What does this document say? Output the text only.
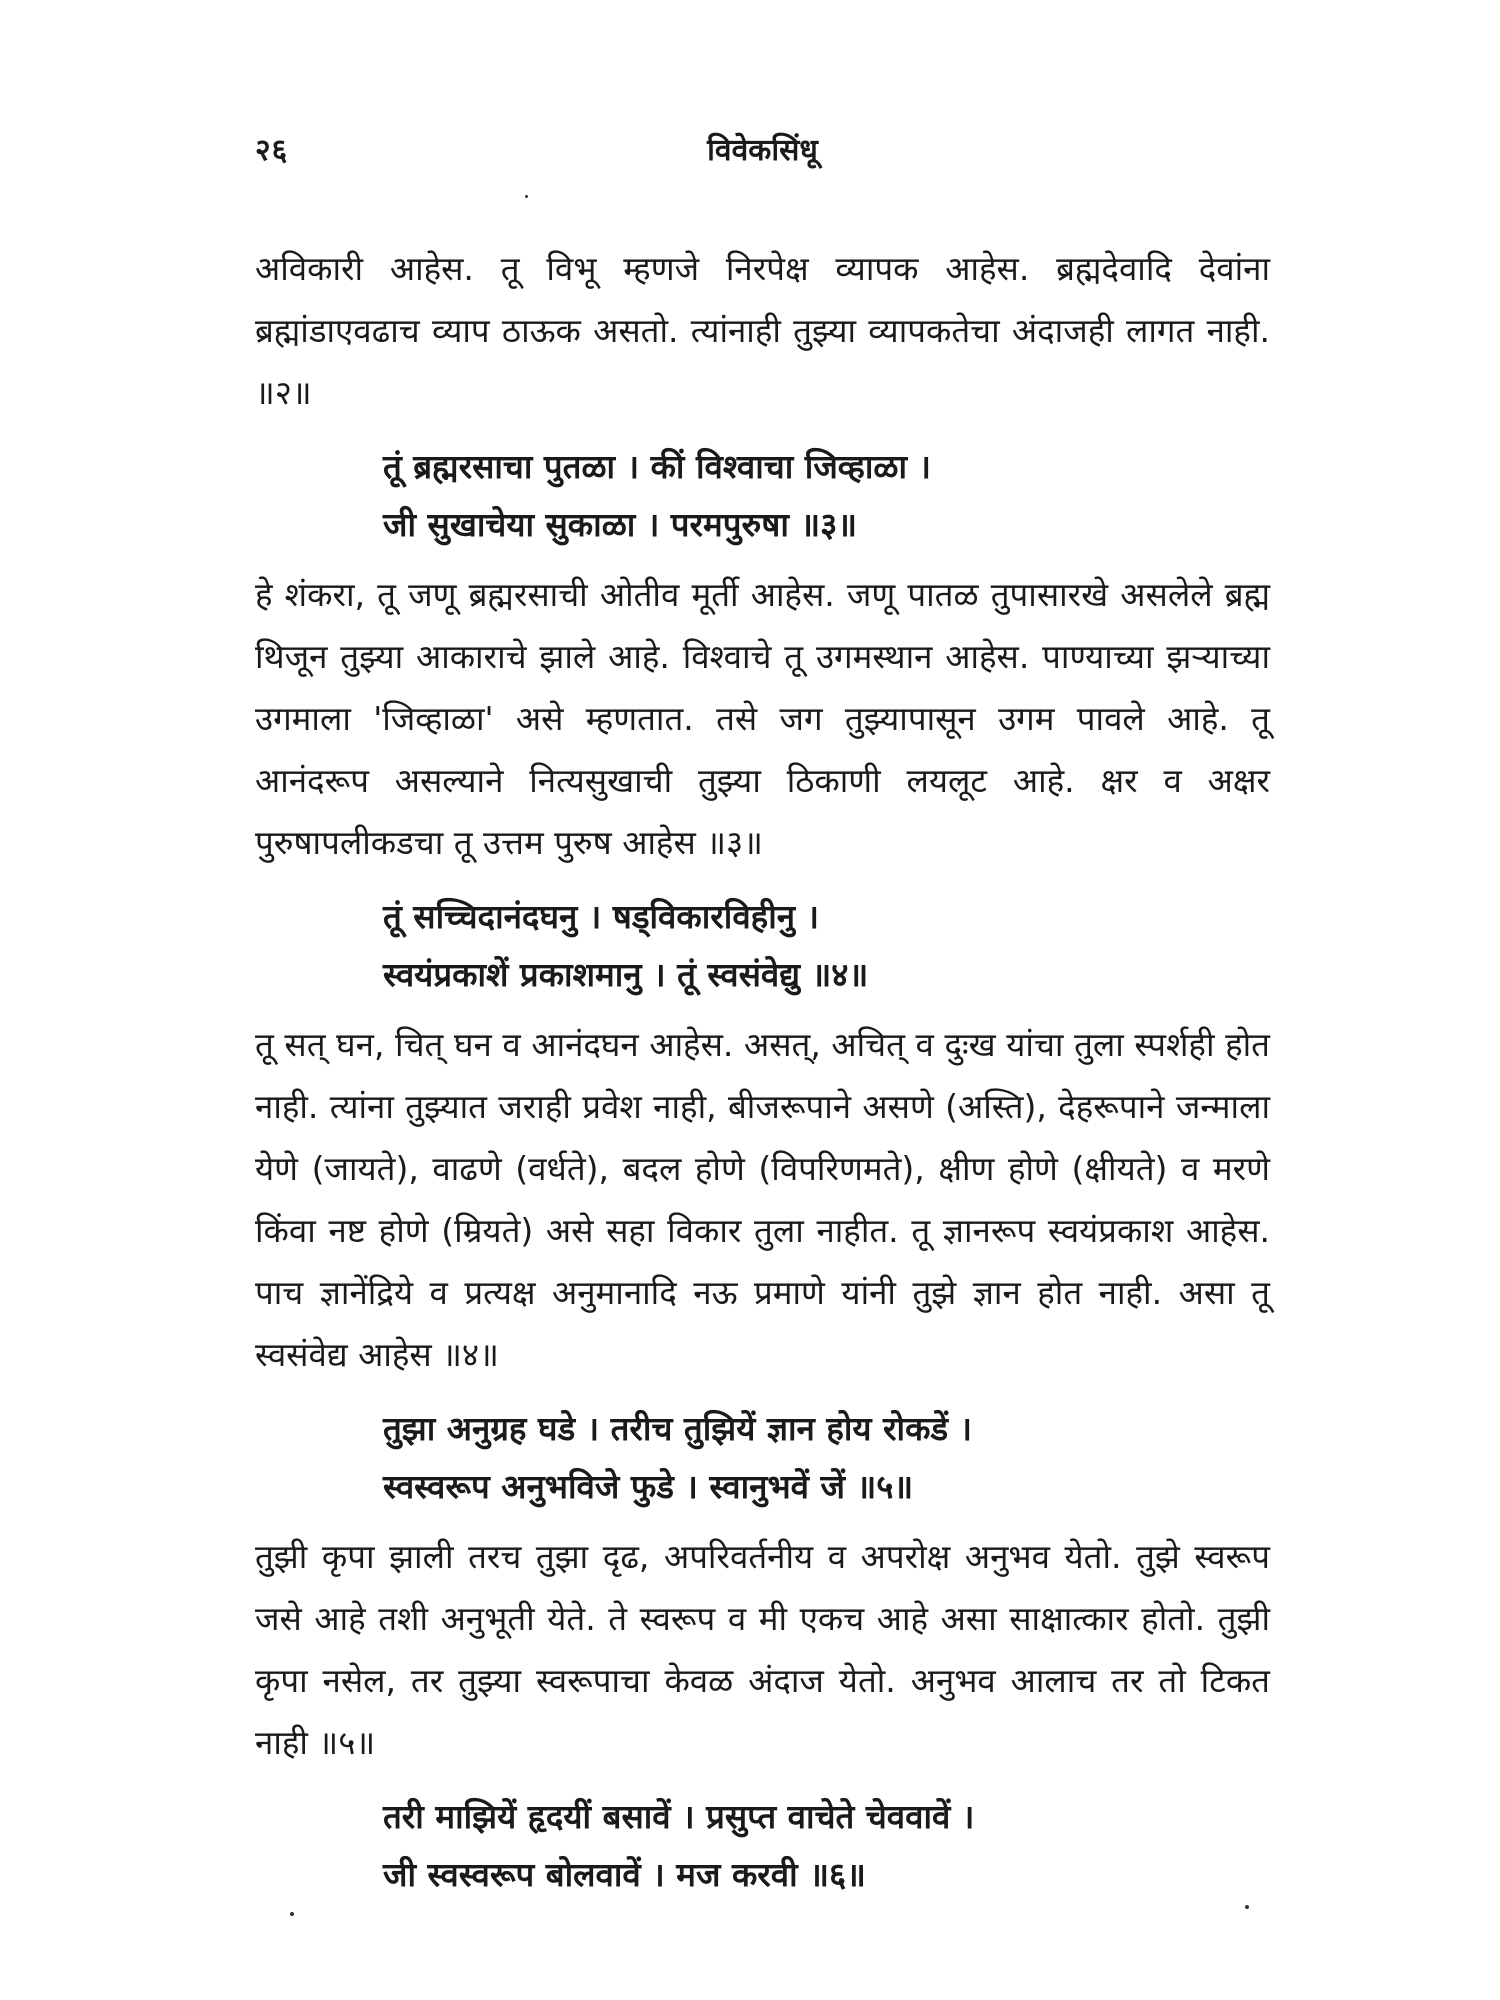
२६	विवेकसिंधू

अविकारी आहेस. तू विभू म्हणजे निरपेक्ष व्यापक आहेस. ब्रह्मदेवादि देवांना ब्रह्मांडाएवढाच व्याप ठाऊक असतो. त्यांनाही तुझ्या व्यापकतेचा अंदाजही लागत नाही. ॥२॥

तूं ब्रह्मरसाचा पुतळा । कीं विश्वाचा जिव्हाळा ।

जी सुखाचेया सुकाळा । परमपुरुषा ॥३॥

हे शंकरा, तू जणू ब्रह्मरसाची ओतीव मूर्ती आहेस. जणू पातळ तुपासारखे असलेले ब्रह्म थिजून तुझ्या आकाराचे झाले आहे. विश्वाचे तू उगमस्थान आहेस. पाण्याच्या झऱ्याच्या उगमाला 'जिव्हाळा' असे म्हणतात. तसे जग तुझ्यापासून उगम पावले आहे. तू आनंदरूप असल्याने नित्यसुखाची तुझ्या ठिकाणी लयलूट आहे. क्षर व अक्षर पुरुषापलीकडचा तू उत्तम पुरुष आहेस ॥३॥

तूं सच्चिदानंदघनु । षड्विकारविहीनु ।

स्वयंप्रकाशें प्रकाशमानु । तूं स्वसंवेद्यु ॥४॥

तू सत् घन, चित् घन व आनंदघन आहेस. असत्, अचित् व दुःख यांचा तुला स्पर्शही होत नाही. त्यांना तुझ्यात जराही प्रवेश नाही, बीजरूपाने असणे (अस्ति), देहरूपाने जन्माला येणे (जायते), वाढणे (वर्धते), बदल होणे (विपरिणमते), क्षीण होणे (क्षीयते) व मरणे किंवा नष्ट होणे (म्रियते) असे सहा विकार तुला नाहीत. तू ज्ञानरूप स्वयंप्रकाश आहेस. पाच ज्ञानेंद्रिये व प्रत्यक्ष अनुमानादि नऊ प्रमाणे यांनी तुझे ज्ञान होत नाही. असा तू स्वसंवेद्य आहेस ॥४॥

तुझा अनुग्रह घडे । तरीच तुझियें ज्ञान होय रोकडें ।

स्वस्वरूप अनुभविजे फुडे । स्वानुभवें जें ॥५॥

तुझी कृपा झाली तरच तुझा दृढ, अपरिवर्तनीय व अपरोक्ष अनुभव येतो. तुझे स्वरूप जसे आहे तशी अनुभूती येते. ते स्वरूप व मी एकच आहे असा साक्षात्कार होतो. तुझी कृपा नसेल, तर तुझ्या स्वरूपाचा केवळ अंदाज येतो. अनुभव आलाच तर तो टिकत नाही ॥५॥

तरी माझियें हृदयीं बसावें । प्रसुप्त वाचेते चेववावें ।

जी स्वस्वरूप बोलवावें । मज करवी ॥६॥
